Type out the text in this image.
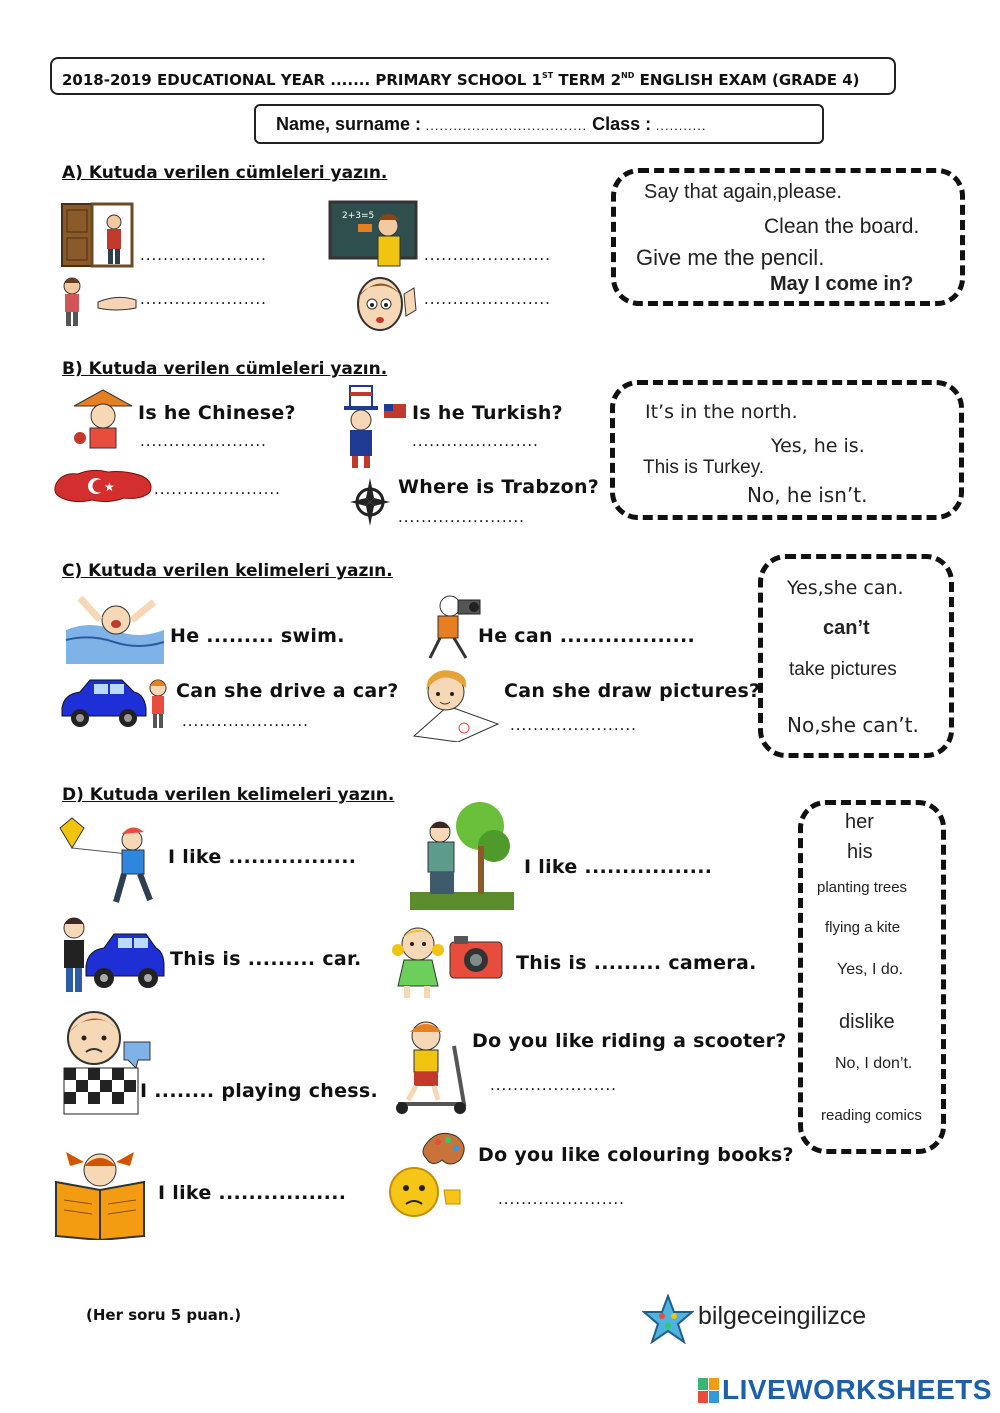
2018-2019 EDUCATIONAL YEAR ....... PRIMARY SCHOOL 1ST TERM 2ND ENGLISH EXAM (GRADE 4)
Name, surname : ................................... Class : ...........
A) Kutuda verilen cümleleri yazın.
......................
2+3=5
......................
......................	......................
Say that again,please.
Clean the board.
Give me the pencil.
May I come in?
B) Kutuda verilen cümleleri yazın.
Is he Chinese?
......................
Is he Turkish?
......................
★	......................	Where is Trabzon?
......................
It’s in the north.
Yes, he is.
This is Turkey.
No, he isn’t.
C) Kutuda verilen kelimeleri yazın.
He ......... swim.	He can ..................
Can she drive a car?
......................
Can she draw pictures?
......................
Yes,she can.
can’t
take pictures
No,she can’t.
D) Kutuda verilen kelimeleri yazın.
I like .................	I like .................
This is ......... car.	This is ......... camera.
I ........ playing chess.
Do you like riding a scooter?
......................
I like .................
Do you like colouring books?
......................
her
his
planting trees
flying a kite
Yes, I do.
dislike
No, I don’t.
reading comics
(Her soru 5 puan.)	bilgeceingilizce
LIVEWORKSHEETS
